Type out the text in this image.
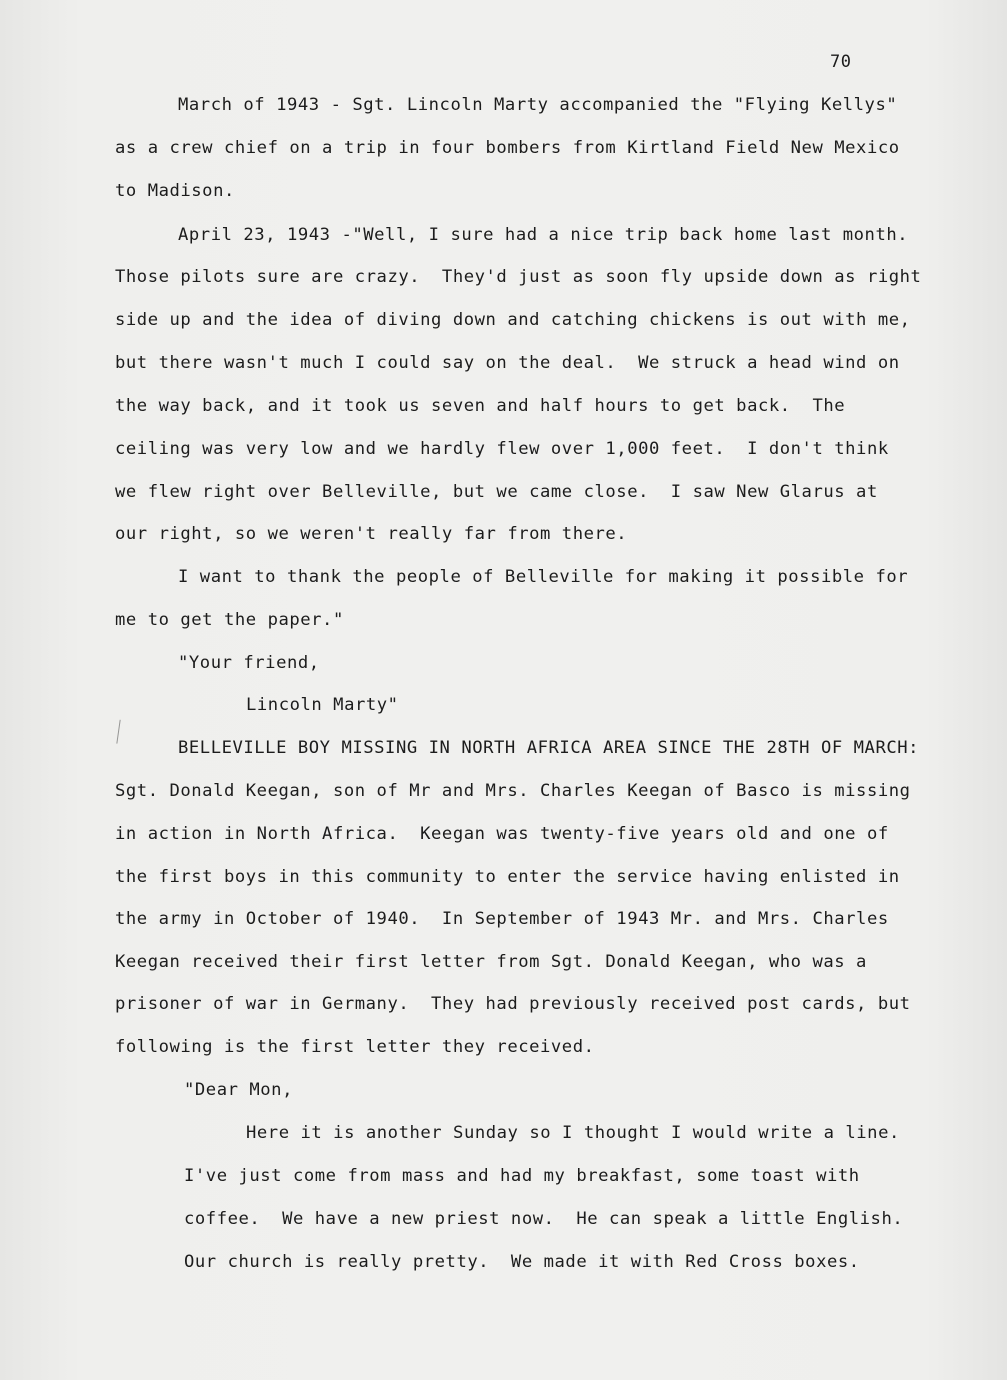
70
March of 1943 - Sgt. Lincoln Marty accompanied the "Flying Kellys"
as a crew chief on a trip in four bombers from Kirtland Field New Mexico
to Madison.
April 23, 1943 -"Well, I sure had a nice trip back home last month.
Those pilots sure are crazy.  They'd just as soon fly upside down as right
side up and the idea of diving down and catching chickens is out with me,
but there wasn't much I could say on the deal.  We struck a head wind on
the way back, and it took us seven and half hours to get back.  The
ceiling was very low and we hardly flew over 1,000 feet.  I don't think
we flew right over Belleville, but we came close.  I saw New Glarus at
our right, so we weren't really far from there.
I want to thank the people of Belleville for making it possible for
me to get the paper."
"Your friend,
Lincoln Marty"
BELLEVILLE BOY MISSING IN NORTH AFRICA AREA SINCE THE 28TH OF MARCH:
Sgt. Donald Keegan, son of Mr and Mrs. Charles Keegan of Basco is missing
in action in North Africa.  Keegan was twenty-five years old and one of
the first boys in this community to enter the service having enlisted in
the army in October of 1940.  In September of 1943 Mr. and Mrs. Charles
Keegan received their first letter from Sgt. Donald Keegan, who was a
prisoner of war in Germany.  They had previously received post cards, but
following is the first letter they received.
"Dear Mon,
Here it is another Sunday so I thought I would write a line.
I've just come from mass and had my breakfast, some toast with
coffee.  We have a new priest now.  He can speak a little English.
Our church is really pretty.  We made it with Red Cross boxes.
